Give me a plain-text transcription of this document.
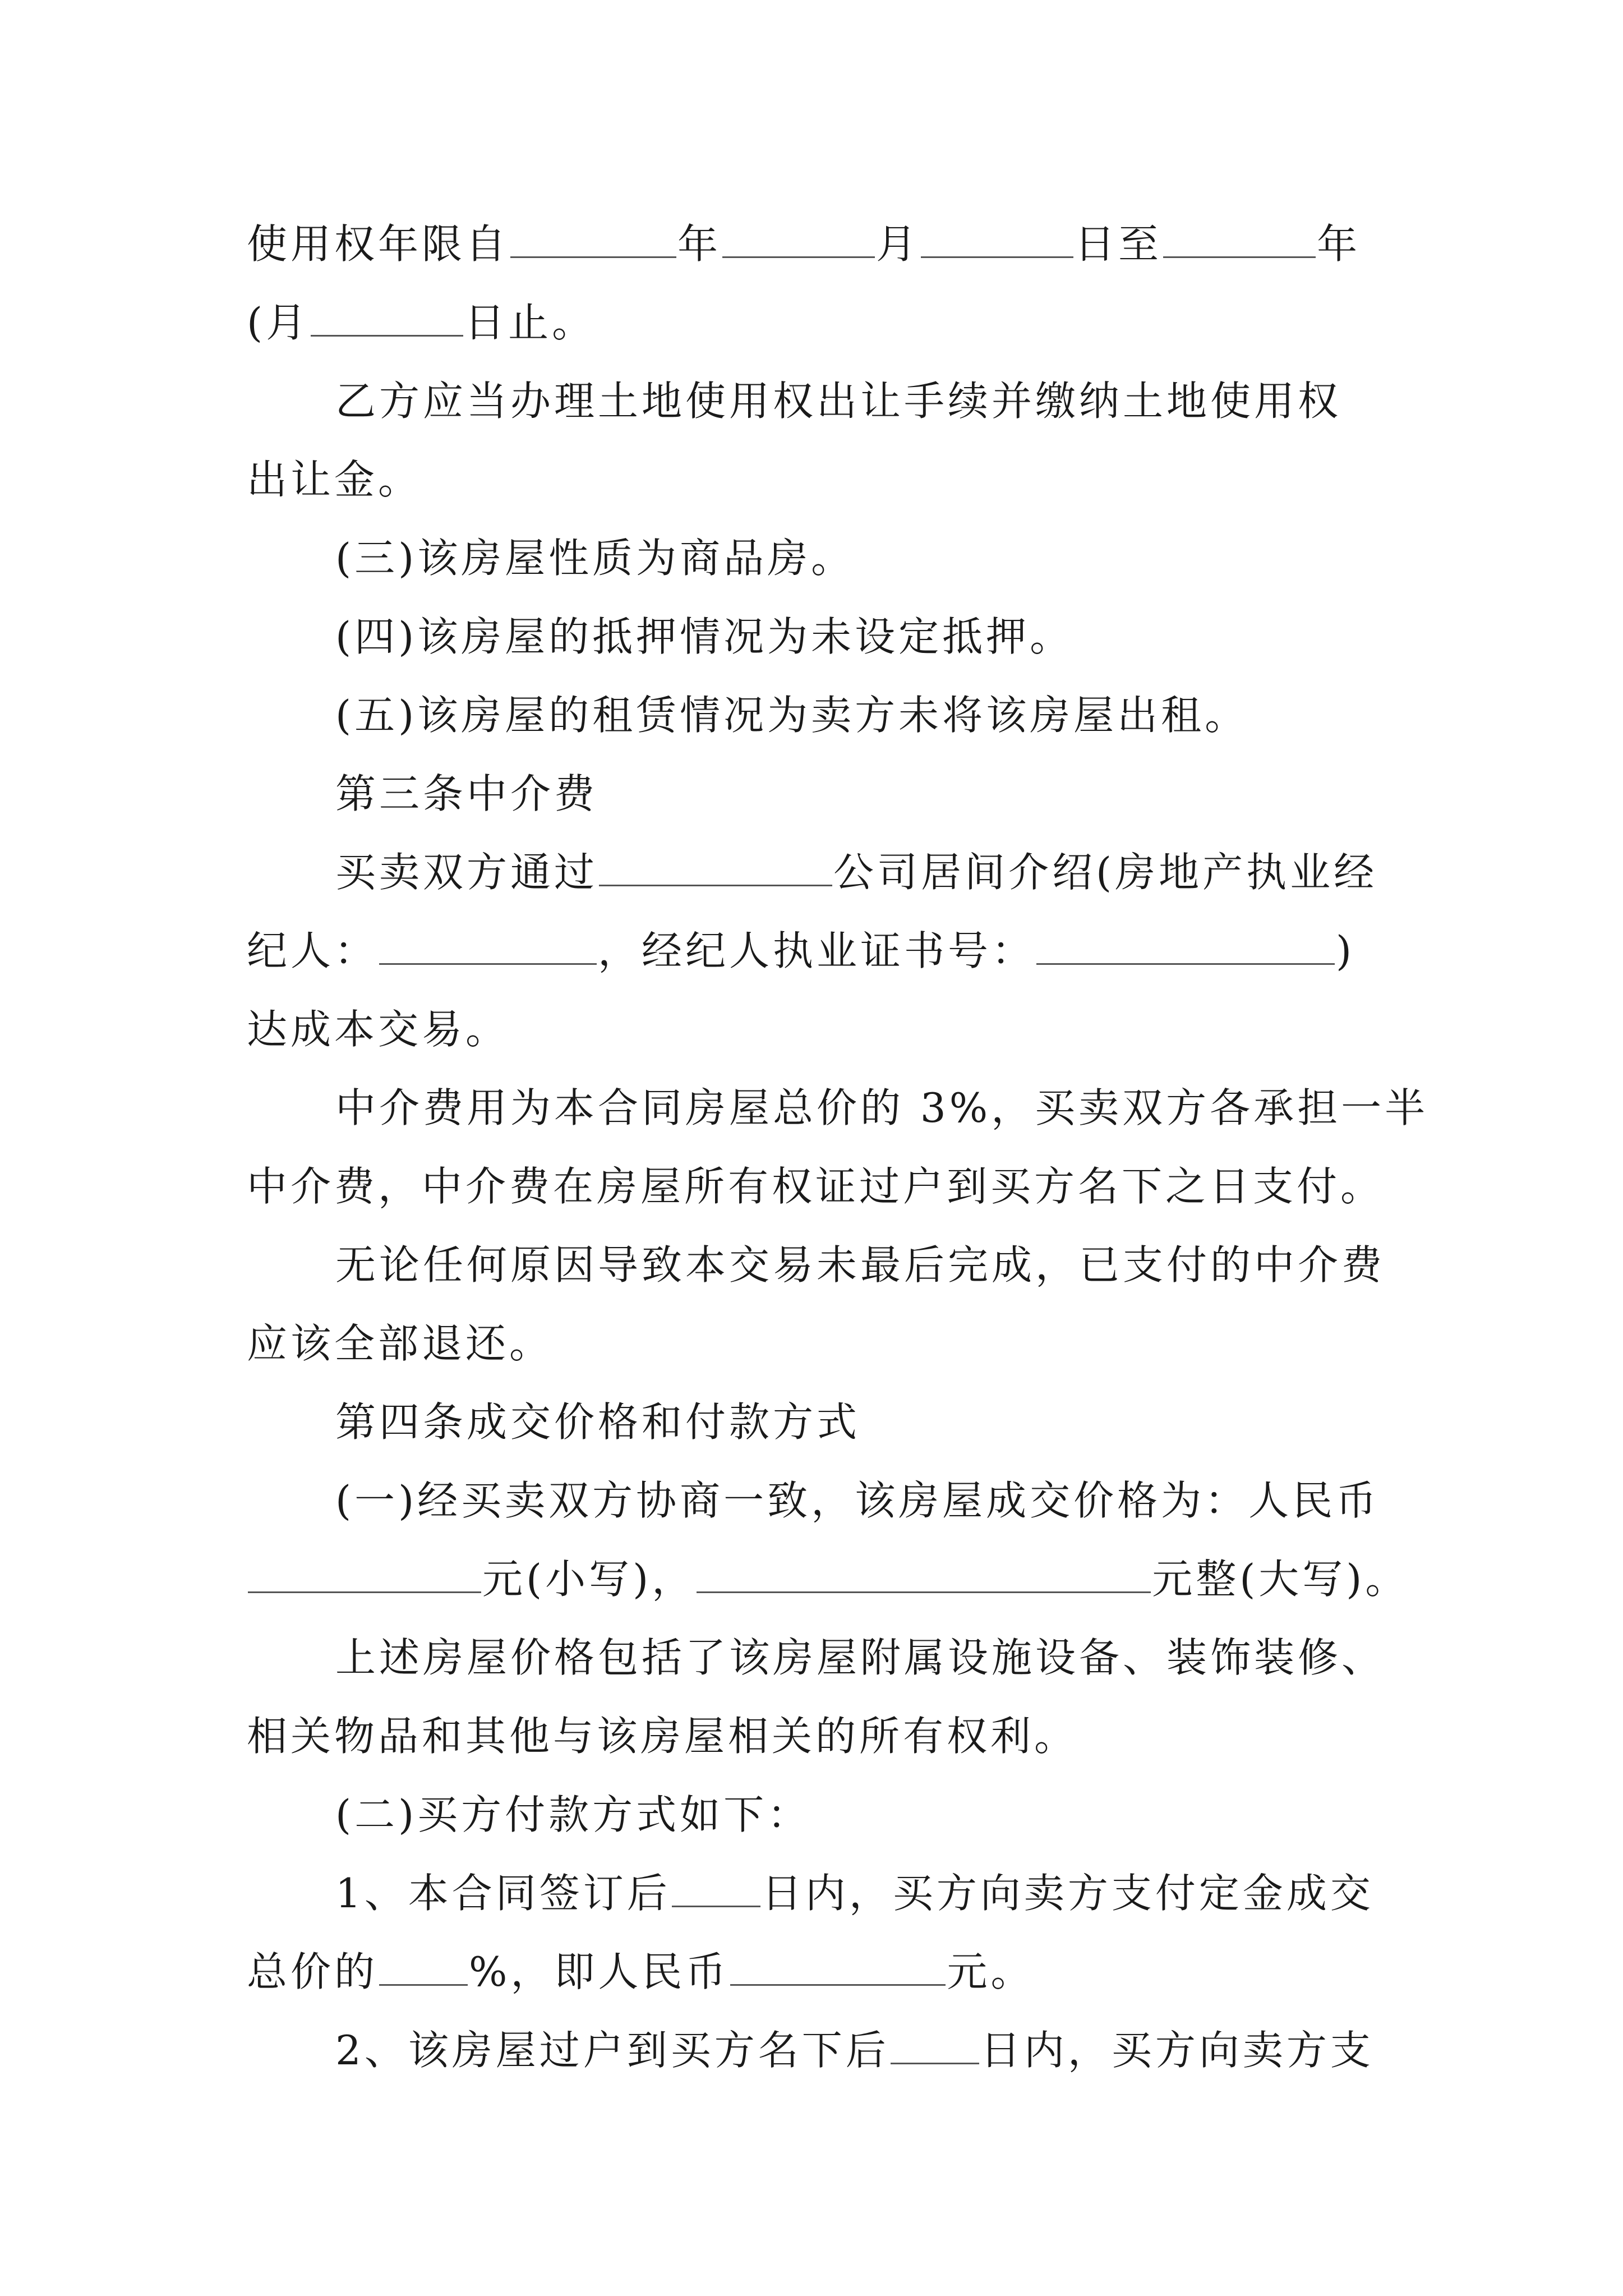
使用权年限自	年	月	日至	年
(月	日止。
乙方应当办理土地使用权出让手续并缴纳土地使用权
出让金。
(三)该房屋性质为商品房。
(四)该房屋的抵押情况为未设定抵押。
(五)该房屋的租赁情况为卖方未将该房屋出租。
第三条中介费
买卖双方通过	公司居间介绍(房地产执业经
纪人：	，经纪人执业证书号：	)
达成本交易。
中介费用为本合同房屋总价的 3%，买卖双方各承担一半
中介费，中介费在房屋所有权证过户到买方名下之日支付。
无论任何原因导致本交易未最后完成，已支付的中介费
应该全部退还。
第四条成交价格和付款方式
(一)经买卖双方协商一致，该房屋成交价格为：人民币
元(小写)，	元整(大写)。
上述房屋价格包括了该房屋附属设施设备、装饰装修、
相关物品和其他与该房屋相关的所有权利。
(二)买方付款方式如下：
1、本合同签订后 日内，买方向卖方支付定金成交
总价的 %，即人民币	元。
2、该房屋过户到买方名下后 日内，买方向卖方支
